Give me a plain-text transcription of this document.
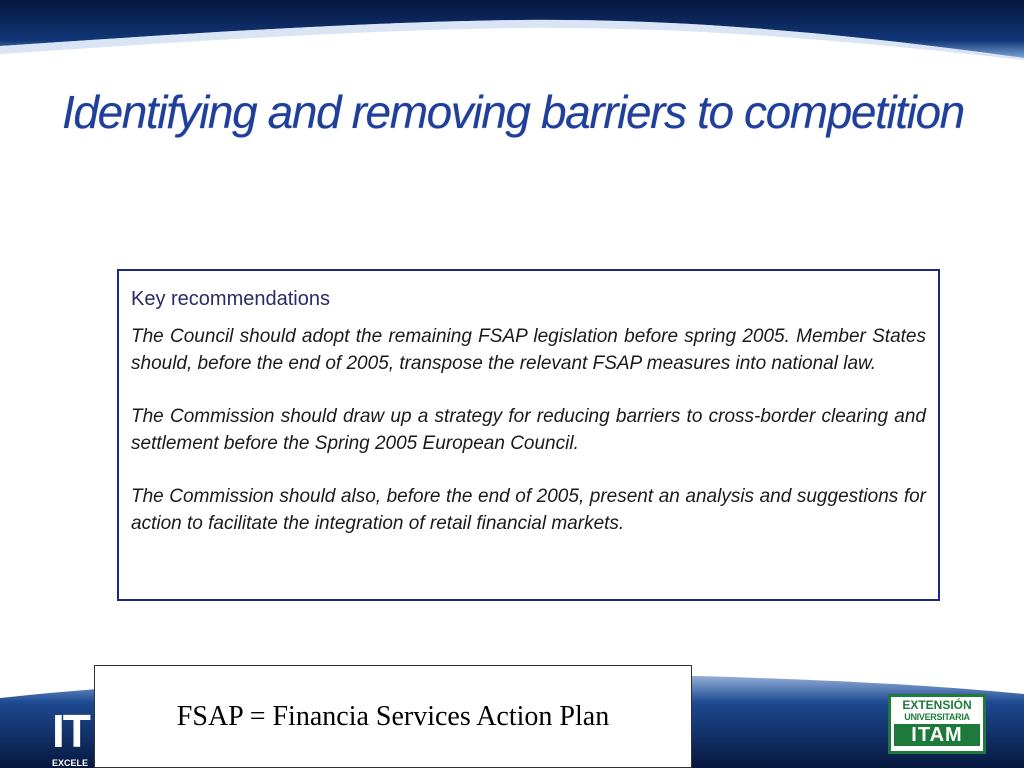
Identifying and removing barriers to competition
Key recommendations

The Council should adopt the remaining FSAP legislation before spring 2005. Member States should, before the end of 2005, transpose the relevant FSAP measures into national law.

The Commission should draw up a strategy for reducing barriers to cross-border clearing and settlement before the Spring 2005 European Council.

The Commission should also, before the end of 2005, present an analysis and suggestions for action to facilitate the integration of retail financial markets.

IT
EXCELE
FSAP = Financia Services Action Plan	EXTENSIÓN
UNIVERSITARIA
ITAM
